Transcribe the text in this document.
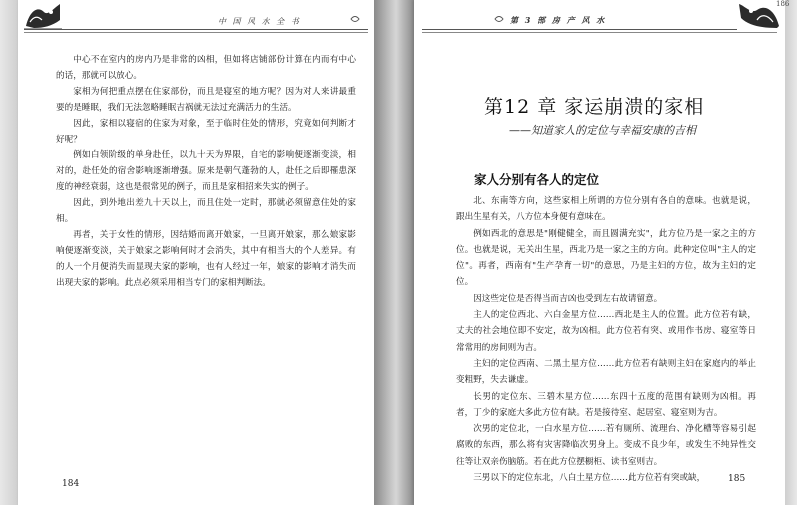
中 国 风 水 全 书

中心不在室内的房内乃是非常的凶相，但如将店铺部份计算在内而有中心的话，那就可以放心。

家相为何把重点摆在住家部份，而且是寝室的地方呢？因为对人来讲最重要的是睡眠，我们无法忽略睡眠吉祸就无法过充满活力的生活。

因此，家相以寝宿的住家为对象，至于临时住处的情形，究竟如何判断才好呢？

例如白领阶级的单身赴任，以九十天为界限，自宅的影响便逐渐变淡，相对的，赴任处的宿舍影响逐渐增强。原来是朝气蓬勃的人，赴任之后即罹患深度的神经衰弱，这也是很常见的例子，而且是家相招来失实的例子。

因此，到外地出差九十天以上，而且住处一定时，那就必须留意住处的家相。

再者，关于女性的情形，因结婚而离开娘家，一旦离开娘家，那么娘家影响便逐渐变淡，关于娘家之影响何时才会消失，其中有相当大的个人差异。有的人一个月便消失而显现夫家的影响，也有人经过一年，娘家的影响才消失而出现夫家的影响。此点必须采用相当专门的家相判断法。

184
第 3 部 房 产 风 水
第12 章 家运崩溃的家相
——知道家人的定位与幸福安康的吉相
家人分别有各人的定位

北、东南等方向，这些家相上所谓的方位分别有各自的意味。也就是说，跟出生星有关，八方位本身便有意味在。

例如西北的意思是"刚健健全，而且圆满充实"，此方位乃是一家之主的方位。也就是说，无关出生星，西北乃是一家之主的方向。此种定位叫"主人的定位"。再者，西南有"生产孕育一切"的意思，乃是主妇的方位，故为主妇的定位。

因这些定位是否得当而吉凶也受到左右故请留意。

主人的定位西北、六白金星方位……西北是主人的位置。此方位若有缺，丈夫的社会地位即不安定，故为凶相。此方位若有突、或用作书房、寝室等日常常用的房间则为吉。

主妇的定位西南、二黑土星方位……此方位若有缺则主妇在家庭内的举止变粗野，失去谦虚。

长男的定位东、三碧木星方位……东四十五度的范围有缺则为凶相。再者，丁少的家庭大多此方位有缺。若是接待室、起居室、寝室则为吉。

次男的定位北，一白水星方位……若有厕所、流理台、净化槽等容易引起腐败的东西，那么将有灾害降临次男身上。变成不良少年，或发生不纯异性交往等让双亲伤脑筋。若在此方位摆橱柜、读书室则吉。

三男以下的定位东北，八白土星方位……此方位若有突或缺，	185
186
